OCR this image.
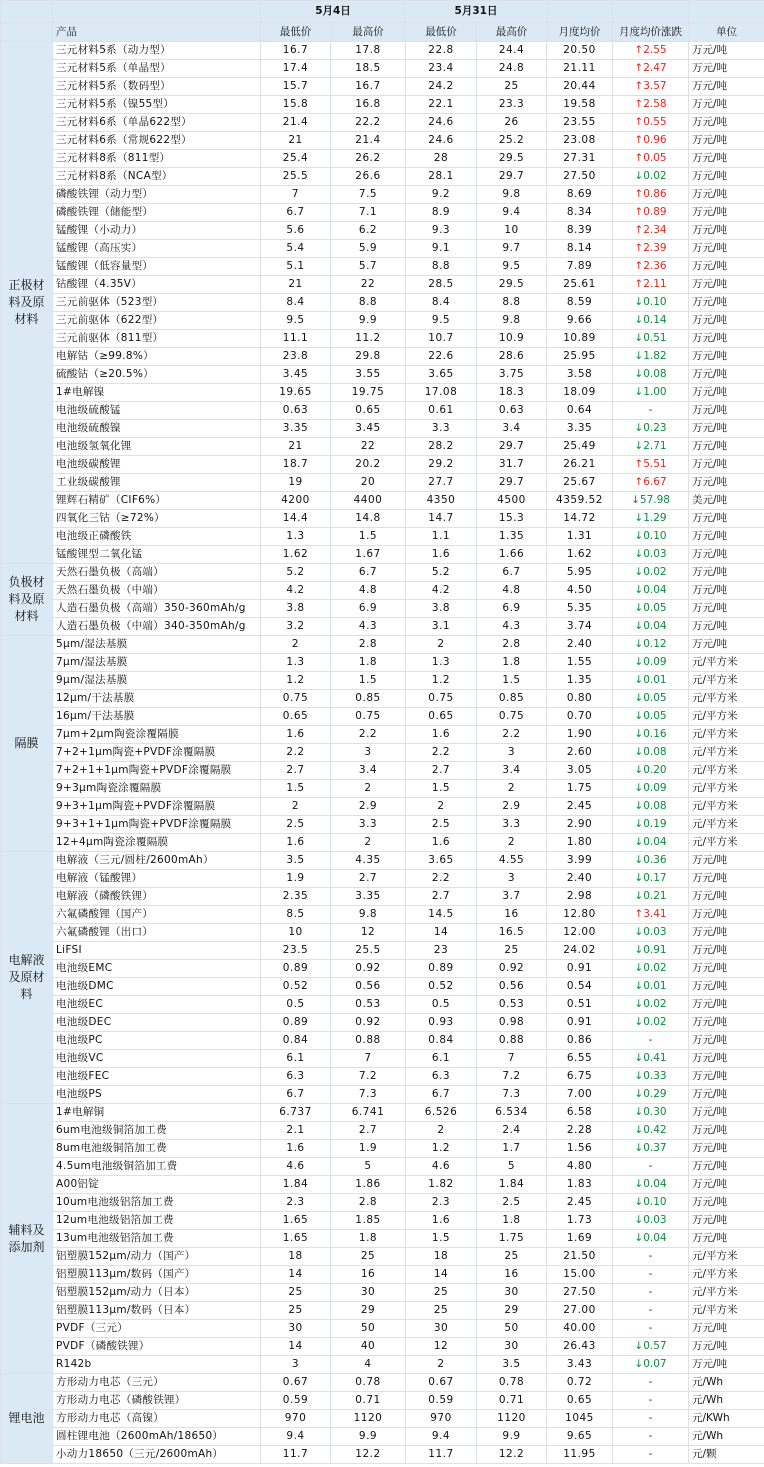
		5月4日		5月31日				
	产品	最低价	最高价	最低价	最高价	月度均价	月度均价涨跌	单位
正极材料及原材料	三元材料5系（动力型）	16.7	17.8	22.8	24.4	20.50	↑2.55	万元/吨
	三元材料5系（单晶型）	17.4	18.5	23.4	24.8	21.11	↑2.47	万元/吨
	三元材料5系（数码型）	15.7	16.7	24.2	25	20.44	↑3.57	万元/吨
	三元材料5系（镍55型）	15.8	16.8	22.1	23.3	19.58	↑2.58	万元/吨
	三元材料6系（单晶622型）	21.4	22.2	24.6	26	23.55	↑0.55	万元/吨
	三元材料6系（常规622型）	21	21.4	24.6	25.2	23.08	↑0.96	万元/吨
	三元材料8系（811型）	25.4	26.2	28	29.5	27.31	↑0.05	万元/吨
	三元材料8系（NCA型）	25.5	26.6	28.1	29.7	27.50	↓0.02	万元/吨
	磷酸铁锂（动力型）	7	7.5	9.2	9.8	8.69	↑0.86	万元/吨
	磷酸铁锂（储能型）	6.7	7.1	8.9	9.4	8.34	↑0.89	万元/吨
	锰酸锂（小动力）	5.6	6.2	9.3	10	8.39	↑2.34	万元/吨
	锰酸锂（高压实）	5.4	5.9	9.1	9.7	8.14	↑2.39	万元/吨
	锰酸锂（低容量型）	5.1	5.7	8.8	9.5	7.89	↑2.36	万元/吨
	钴酸锂（4.35V）	21	22	28.5	29.5	25.61	↑2.11	万元/吨
	三元前驱体（523型）	8.4	8.8	8.4	8.8	8.59	↓0.10	万元/吨
	三元前驱体（622型）	9.5	9.9	9.5	9.8	9.66	↓0.14	万元/吨
	三元前驱体（811型）	11.1	11.2	10.7	10.9	10.89	↓0.51	万元/吨
	电解钴（≥99.8%）	23.8	29.8	22.6	28.6	25.95	↓1.82	万元/吨
	硫酸钴（≥20.5%）	3.45	3.55	3.65	3.75	3.58	↓0.08	万元/吨
	1#电解镍	19.65	19.75	17.08	18.3	18.09	↓1.00	万元/吨
	电池级硫酸锰	0.63	0.65	0.61	0.63	0.64	-	万元/吨
	电池级硫酸镍	3.35	3.45	3.3	3.4	3.35	↓0.23	万元/吨
	电池级氢氧化锂	21	22	28.2	29.7	25.49	↓2.71	万元/吨
	电池级碳酸锂	18.7	20.2	29.2	31.7	26.21	↑5.51	万元/吨
	工业级碳酸锂	19	20	27.7	29.7	25.67	↑6.67	万元/吨
	锂辉石精矿（CIF6%）	4200	4400	4350	4500	4359.52	↓57.98	美元/吨
	四氧化三钴（≥72%）	14.4	14.8	14.7	15.3	14.72	↓1.29	万元/吨
	电池级正磷酸铁	1.3	1.5	1.1	1.35	1.31	↓0.10	万元/吨
	锰酸锂型二氧化锰	1.62	1.67	1.6	1.66	1.62	↓0.03	万元/吨
负极材料及原材料	天然石墨负极（高端）	5.2	6.7	5.2	6.7	5.95	↓0.02	万元/吨
	天然石墨负极（中端）	4.2	4.8	4.2	4.8	4.50	↓0.04	万元/吨
	人造石墨负极（高端）350-360mAh/g	3.8	6.9	3.8	6.9	5.35	↓0.05	万元/吨
	人造石墨负极（中端）340-350mAh/g	3.2	4.3	3.1	4.3	3.74	↓0.04	万元/吨
隔膜	5μm/湿法基膜	2	2.8	2	2.8	2.40	↓0.12	万元/吨
	7μm/湿法基膜	1.3	1.8	1.3	1.8	1.55	↓0.09	元/平方米
	9μm/湿法基膜	1.2	1.5	1.2	1.5	1.35	↓0.01	元/平方米
	12μm/干法基膜	0.75	0.85	0.75	0.85	0.80	↓0.05	元/平方米
	16μm/干法基膜	0.65	0.75	0.65	0.75	0.70	↓0.05	元/平方米
	7μm+2μm陶瓷涂覆隔膜	1.6	2.2	1.6	2.2	1.90	↓0.16	元/平方米
	7+2+1μm陶瓷+PVDF涂覆隔膜	2.2	3	2.2	3	2.60	↓0.08	元/平方米
	7+2+1+1μm陶瓷+PVDF涂覆隔膜	2.7	3.4	2.7	3.4	3.05	↓0.20	元/平方米
	9+3μm陶瓷涂覆隔膜	1.5	2	1.5	2	1.75	↓0.09	元/平方米
	9+3+1μm陶瓷+PVDF涂覆隔膜	2	2.9	2	2.9	2.45	↓0.08	元/平方米
	9+3+1+1μm陶瓷+PVDF涂覆隔膜	2.5	3.3	2.5	3.3	2.90	↓0.19	元/平方米
	12+4μm陶瓷涂覆隔膜	1.6	2	1.6	2	1.80	↓0.04	元/平方米
电解液及原材料	电解液（三元/圆柱/2600mAh）	3.5	4.35	3.65	4.55	3.99	↓0.36	万元/吨
	电解液（锰酸锂）	1.9	2.7	2.2	3	2.40	↓0.17	万元/吨
	电解液（磷酸铁锂）	2.35	3.35	2.7	3.7	2.98	↓0.21	万元/吨
	六氟磷酸锂（国产）	8.5	9.8	14.5	16	12.80	↑3.41	万元/吨
	六氟磷酸锂（出口）	10	12	14	16.5	12.00	↓0.03	万元/吨
	LiFSI	23.5	25.5	23	25	24.02	↓0.91	万元/吨
	电池级EMC	0.89	0.92	0.89	0.92	0.91	↓0.02	万元/吨
	电池级DMC	0.52	0.56	0.52	0.56	0.54	↓0.01	万元/吨
	电池级EC	0.5	0.53	0.5	0.53	0.51	↓0.02	万元/吨
	电池级DEC	0.89	0.92	0.93	0.98	0.91	↓0.02	万元/吨
	电池级PC	0.84	0.88	0.84	0.88	0.86	-	万元/吨
	电池级VC	6.1	7	6.1	7	6.55	↓0.41	万元/吨
	电池级FEC	6.3	7.2	6.3	7.2	6.75	↓0.33	万元/吨
	电池级PS	6.7	7.3	6.7	7.3	7.00	↓0.29	万元/吨
辅料及添加剂	1#电解铜	6.737	6.741	6.526	6.534	6.58	↓0.30	万元/吨
	6um电池级铜箔加工费	2.1	2.7	2	2.4	2.28	↓0.42	万元/吨
	8um电池级铜箔加工费	1.6	1.9	1.2	1.7	1.56	↓0.37	万元/吨
	4.5um电池级铜箔加工费	4.6	5	4.6	5	4.80	-	万元/吨
	A00铝锭	1.84	1.86	1.82	1.84	1.83	↓0.04	万元/吨
	10um电池级铝箔加工费	2.3	2.8	2.3	2.5	2.45	↓0.10	万元/吨
	12um电池级铝箔加工费	1.65	1.85	1.6	1.8	1.73	↓0.03	万元/吨
	13um电池级铝箔加工费	1.65	1.8	1.5	1.75	1.69	↓0.04	万元/吨
	铝塑膜152μm/动力（国产）	18	25	18	25	21.50	-	元/平方米
	铝塑膜113μm/数码（国产）	14	16	14	16	15.00	-	元/平方米
	铝塑膜152μm/动力（日本）	25	30	25	30	27.50	-	元/平方米
	铝塑膜113μm/数码（日本）	25	29	25	29	27.00	-	元/平方米
	PVDF（三元）	30	50	30	50	40.00	-	万元/吨
	PVDF（磷酸铁锂）	14	40	12	30	26.43	↓0.57	万元/吨
	R142b	3	4	2	3.5	3.43	↓0.07	万元/吨
锂电池	方形动力电芯（三元）	0.67	0.78	0.67	0.78	0.72	-	元/Wh
	方形动力电芯（磷酸铁锂）	0.59	0.71	0.59	0.71	0.65	-	元/Wh
	方形动力电芯（高镍）	970	1120	970	1120	1045	-	元/KWh
	圆柱锂电池（2600mAh/18650）	9.4	9.9	9.4	9.9	9.65	-	元/Wh
	小动力18650（三元/2600mAh）	11.7	12.2	11.7	12.2	11.95	-	元/颗
